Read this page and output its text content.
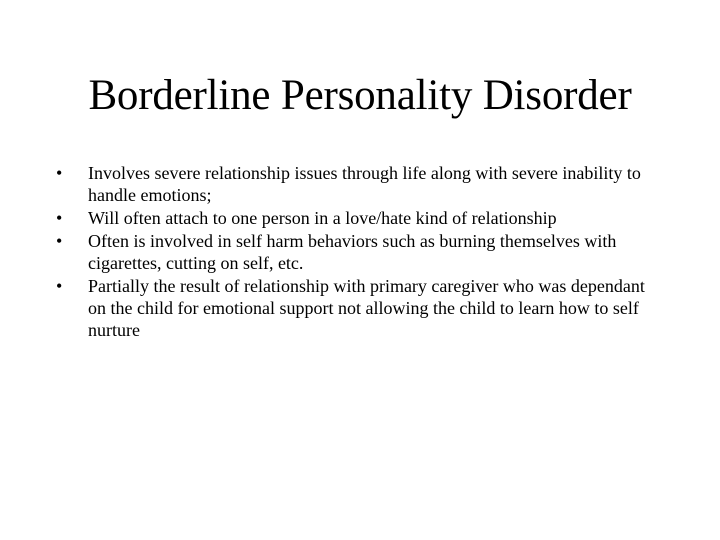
Borderline Personality Disorder
•	Involves severe relationship issues through life along with severe inability to handle emotions;
•	Will often attach to one person in a love/hate kind of relationship
•	Often is involved in self harm behaviors such as burning themselves with cigarettes, cutting on self, etc.
•	Partially the result of relationship with primary caregiver who was dependant on the child for emotional support not allowing the child to learn how to self nurture
